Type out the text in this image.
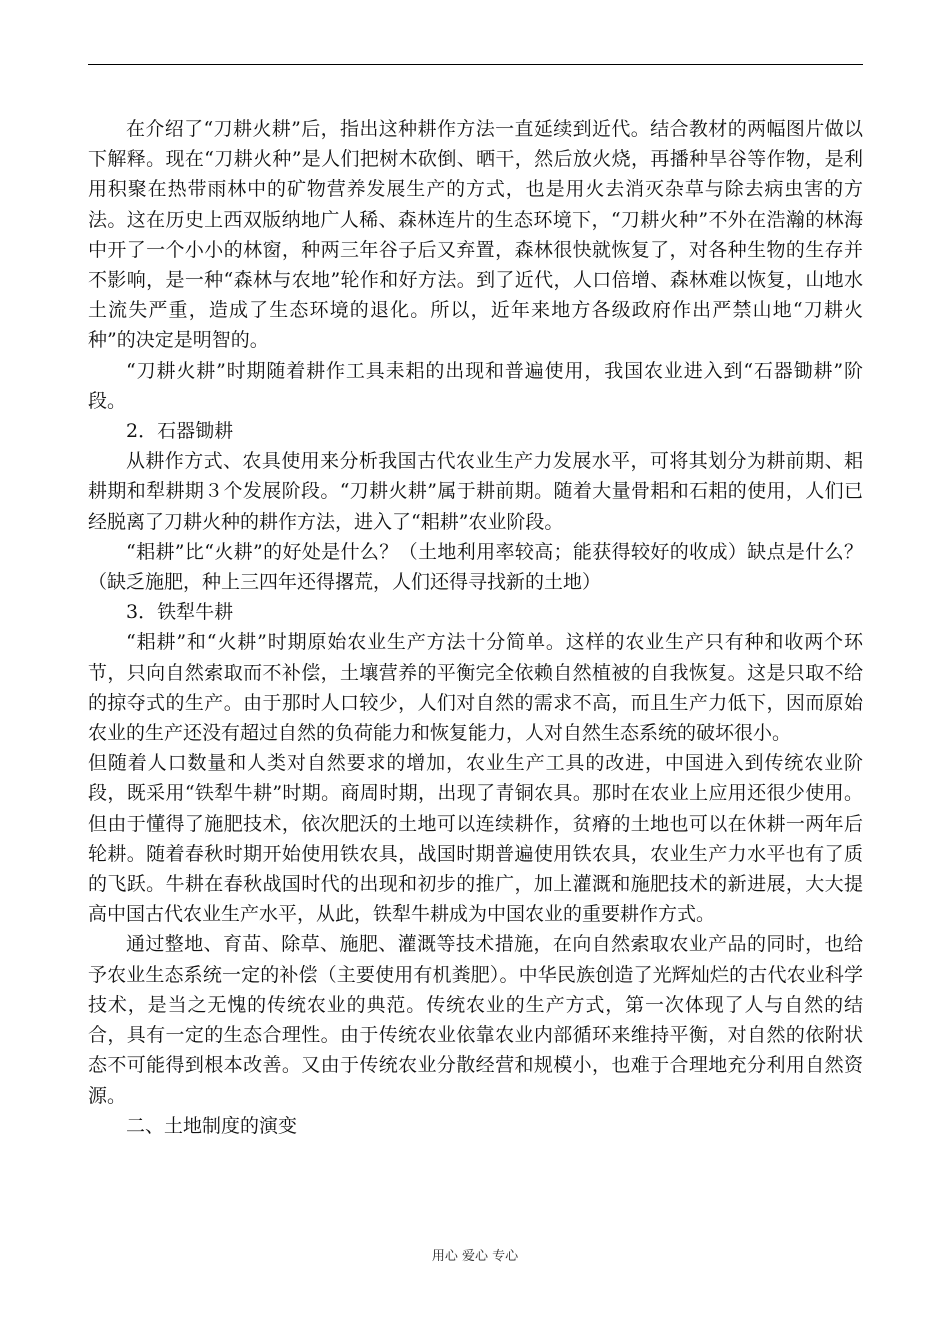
在介绍了“刀耕火耕”后，指出这种耕作方法一直延续到近代。结合教材的两幅图片做以下解释。现在“刀耕火种”是人们把树木砍倒、晒干，然后放火烧，再播种旱谷等作物，是利用积聚在热带雨林中的矿物营养发展生产的方式，也是用火去消灭杂草与除去病虫害的方法。这在历史上西双版纳地广人稀、森林连片的生态环境下，“刀耕火种”不外在浩瀚的林海中开了一个小小的林窗，种两三年谷子后又弃置，森林很快就恢复了，对各种生物的生存并不影响，是一种“森林与农地”轮作和好方法。到了近代，人口倍增、森林难以恢复，山地水土流失严重，造成了生态环境的退化。所以，近年来地方各级政府作出严禁山地“刀耕火种”的决定是明智的。

“刀耕火耕”时期随着耕作工具耒耜的出现和普遍使用，我国农业进入到“石器锄耕”阶段。

2．石器锄耕

从耕作方式、农具使用来分析我国古代农业生产力发展水平，可将其划分为耕前期、耜耕期和犁耕期３个发展阶段。“刀耕火耕”属于耕前期。随着大量骨耜和石耜的使用，人们已经脱离了刀耕火种的耕作方法，进入了“耜耕”农业阶段。

“耜耕”比“火耕”的好处是什么？（土地利用率较高；能获得较好的收成）缺点是什么？（缺乏施肥，种上三四年还得撂荒，人们还得寻找新的土地）

3．铁犁牛耕

“耜耕”和“火耕”时期原始农业生产方法十分简单。这样的农业生产只有种和收两个环节，只向自然索取而不补偿，土壤营养的平衡完全依赖自然植被的自我恢复。这是只取不给的掠夺式的生产。由于那时人口较少，人们对自然的需求不高，而且生产力低下，因而原始农业的生产还没有超过自然的负荷能力和恢复能力，人对自然生态系统的破坏很小。

但随着人口数量和人类对自然要求的增加，农业生产工具的改进，中国进入到传统农业阶段，既采用“铁犁牛耕”时期。商周时期，出现了青铜农具。那时在农业上应用还很少使用。但由于懂得了施肥技术，依次肥沃的土地可以连续耕作，贫瘠的土地也可以在休耕一两年后轮耕。随着春秋时期开始使用铁农具，战国时期普遍使用铁农具，农业生产力水平也有了质的飞跃。牛耕在春秋战国时代的出现和初步的推广，加上灌溉和施肥技术的新进展，大大提高中国古代农业生产水平，从此，铁犁牛耕成为中国农业的重要耕作方式。

通过整地、育苗、除草、施肥、灌溉等技术措施，在向自然索取农业产品的同时，也给予农业生态系统一定的补偿（主要使用有机粪肥）。中华民族创造了光辉灿烂的古代农业科学技术，是当之无愧的传统农业的典范。传统农业的生产方式，第一次体现了人与自然的结合，具有一定的生态合理性。由于传统农业依靠农业内部循环来维持平衡，对自然的依附状态不可能得到根本改善。又由于传统农业分散经营和规模小，也难于合理地充分利用自然资源。

二、土地制度的演变

用心 爱心 专心
